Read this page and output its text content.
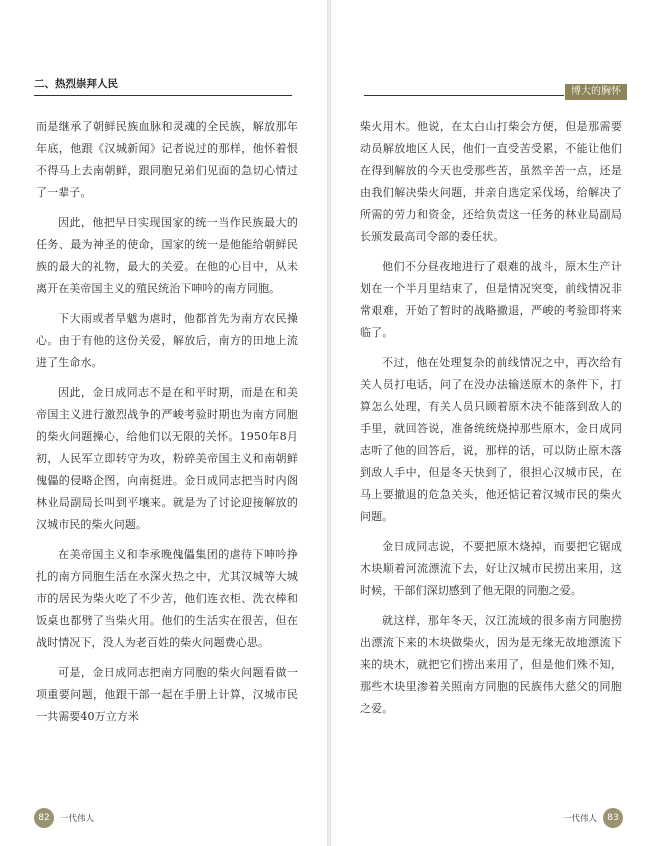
二、热烈崇拜人民

而是继承了朝鲜民族血脉和灵魂的全民族，解放那年年底，他跟《汉城新闻》记者说过的那样，他怀着恨不得马上去南朝鲜，跟同胞兄弟们见面的急切心情过了一辈子。

因此，他把早日实现国家的统一当作民族最大的任务、最为神圣的使命，国家的统一是他能给朝鲜民族的最大的礼物，最大的关爱。在他的心目中，从未离开在美帝国主义的殖民统治下呻吟的南方同胞。

下大雨或者旱魃为虐时，他都首先为南方农民操心。由于有他的这份关爱，解放后，南方的田地上流进了生命水。

因此，金日成同志不是在和平时期，而是在和美帝国主义进行激烈战争的严峻考验时期也为南方同胞的柴火问题操心，给他们以无限的关怀。1950年8月初，人民军立即转守为攻，粉碎美帝国主义和南朝鲜傀儡的侵略企图，向南挺进。金日成同志把当时内阁林业局副局长叫到平壤来。就是为了讨论迎接解放的汉城市民的柴火问题。

在美帝国主义和李承晚傀儡集团的虐待下呻吟挣扎的南方同胞生活在水深火热之中，尤其汉城等大城市的居民为柴火吃了不少苦，他们连衣柜、洗衣棒和饭桌也都劈了当柴火用。他们的生活实在很苦，但在战时情况下，没人为老百姓的柴火问题费心思。

可是，金日成同志把南方同胞的柴火问题看做一项重要问题，他跟干部一起在手册上计算，汉城市民一共需要40万立方米

82	一代伟人
博大的胸怀

柴火用木。他说，在太白山打柴会方便，但是那需要动员解放地区人民，他们一直受苦受累，不能让他们在得到解放的今天也受那些苦，虽然辛苦一点，还是由我们解决柴火问题，并亲自选定采伐场，给解决了所需的劳力和资金，还给负责这一任务的林业局副局长颁发最高司令部的委任状。

他们不分昼夜地进行了艰难的战斗，原木生产计划在一个半月里结束了，但是情况突变，前线情况非常艰难，开始了暂时的战略撤退，严峻的考验即将来临了。

不过，他在处理复杂的前线情况之中，再次给有关人员打电话，问了在没办法输送原木的条件下，打算怎么处理，有关人员只顾着原木决不能落到敌人的手里，就回答说，准备统统烧掉那些原木，金日成同志听了他的回答后，说，那样的话，可以防止原木落到敌人手中，但是冬天快到了，很担心汉城市民，在马上要撤退的危急关头，他还惦记着汉城市民的柴火问题。

金日成同志说，不要把原木烧掉，而要把它锯成木块顺着河流漂流下去，好让汉城市民捞出来用，这时候，干部们深切感到了他无限的同胞之爱。

就这样，那年冬天，汉江流域的很多南方同胞捞出漂流下来的木块做柴火，因为是无缘无故地漂流下来的块木，就把它们捞出来用了，但是他们殊不知，那些木块里渗着关照南方同胞的民族伟大慈父的同胞之爱。

一代伟人	83
